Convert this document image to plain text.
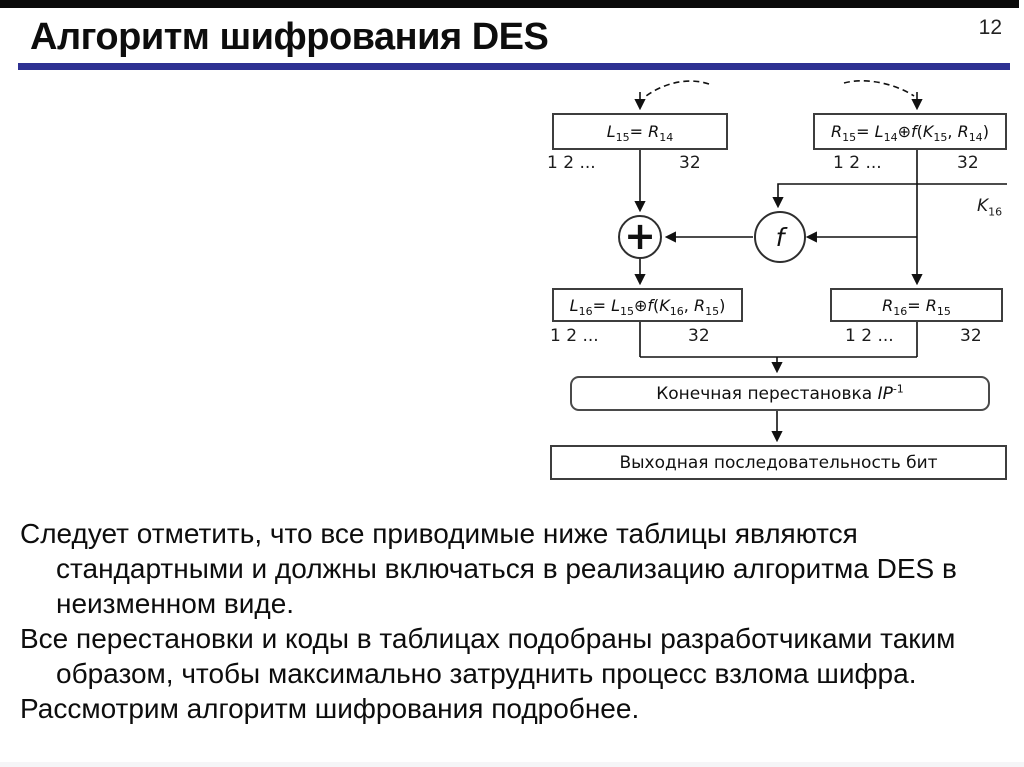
Алгоритм шифрования DES	12
$L_{15}= R_{14}$	$R_{15}=$ $L_{14}\oplus f(K_{15}$, $R_{14}$)
1 2 ...	32	1 2 ...	32
$K_{16}$
+	f
$L_{16}=$ $L_{15}\oplus f(K_{16}$, $R_{15}$)	$R_{16}= R_{15}$
1 2 ...	32	1 2 ...	32
Конечная перестановка $IP^{-1}$
Выходная последовательность бит
Следует отметить, что все приводимые ниже таблицы являются
стандартными и должны включаться в реализацию алгоритма DES в
неизменном виде.
Все перестановки и коды в таблицах подобраны разработчиками таким
образом, чтобы максимально затруднить процесс взлома шифра.
Рассмотрим алгоритм шифрования подробнее.
